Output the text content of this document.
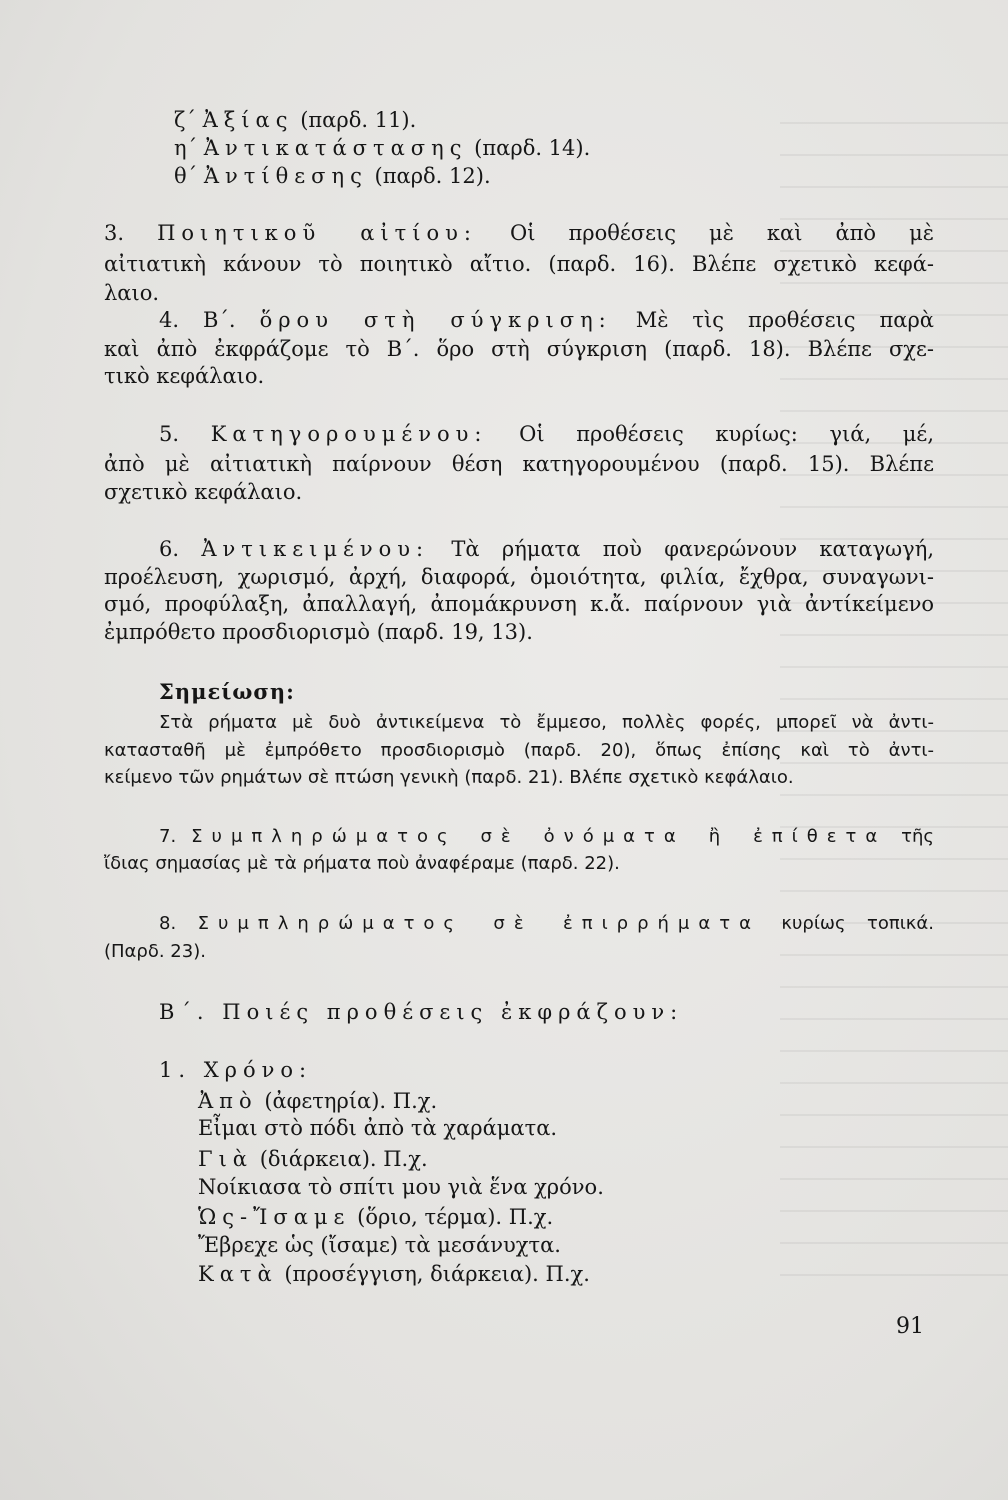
ζ΄ Ἀξίας (παρδ. 11).
η΄ Ἀντικατάστασης (παρδ. 14).
θ΄ Ἀντίθεσης (παρδ. 12).
3. Ποιητικοῦ αἰτίου: Οἱ προθέσεις μὲ καὶ ἀπὸ μὲ
αἰτιατικὴ κάνουν τὸ ποιητικὸ αἴτιο. (παρδ. 16). Βλέπε σχετικὸ κεφά-
λαιο.
4. Β΄. ὅρου στὴ σύγκριση: Μὲ τὶς προθέσεις παρὰ
καὶ ἀπὸ ἐκφράζομε τὸ Β΄. ὅρο στὴ σύγκριση (παρδ. 18). Βλέπε σχε-
τικὸ κεφάλαιο.
5. Κατηγορουμένου: Οἱ προθέσεις κυρίως: γιά, μέ,
ἀπὸ μὲ αἰτιατικὴ παίρνουν θέση κατηγορουμένου (παρδ. 15). Βλέπε
σχετικὸ κεφάλαιο.
6. Ἀντικειμένου: Τὰ ρήματα ποὺ φανερώνουν καταγωγή,
προέλευση, χωρισμό, ἀρχή, διαφορά, ὁμοιότητα, φιλία, ἔχθρα, συναγωνι-
σμό, προφύλαξη, ἀπαλλαγή, ἀπομάκρυνση κ.ἄ. παίρνουν γιὰ ἀντίκείμενο
ἐμπρόθετο προσδιορισμὸ (παρδ. 19, 13).
Σημείωση:
Στὰ ρήματα μὲ δυὸ ἀντικείμενα τὸ ἔμμεσο, πολλὲς φορές, μπορεῖ νὰ ἀντι-
κατασταθῆ μὲ ἐμπρόθετο προσδιορισμὸ (παρδ. 20), ὅπως ἐπίσης καὶ τὸ ἀντι-
κείμενο τῶν ρημάτων σὲ πτώση γενικὴ (παρδ. 21). Βλέπε σχετικὸ κεφάλαιο.
7. Συμπληρώματος σὲ ὀνόματα ἢ ἐπίθετα τῆς
ἴδιας σημασίας μὲ τὰ ρήματα ποὺ ἀναφέραμε (παρδ. 22).
8. Συμπληρώματος σὲ ἐπιρρήματα κυρίως τοπικά.
(Παρδ. 23).
Β΄. Ποιές προθέσεις ἐκφράζουν:
1. Χρόνο:
Ἀπὸ (ἀφετηρία). Π.χ.
Εἶμαι στὸ πόδι ἀπὸ τὰ χαράματα.
Γιὰ (διάρκεια). Π.χ.
Νοίκιασα τὸ σπίτι μου γιὰ ἕνα χρόνο.
Ὡς-Ἴσαμε (ὅριο, τέρμα). Π.χ.
Ἔβρεχε ὡς (ἴσαμε) τὰ μεσάνυχτα.
Κατὰ (προσέγγιση, διάρκεια). Π.χ.
91
